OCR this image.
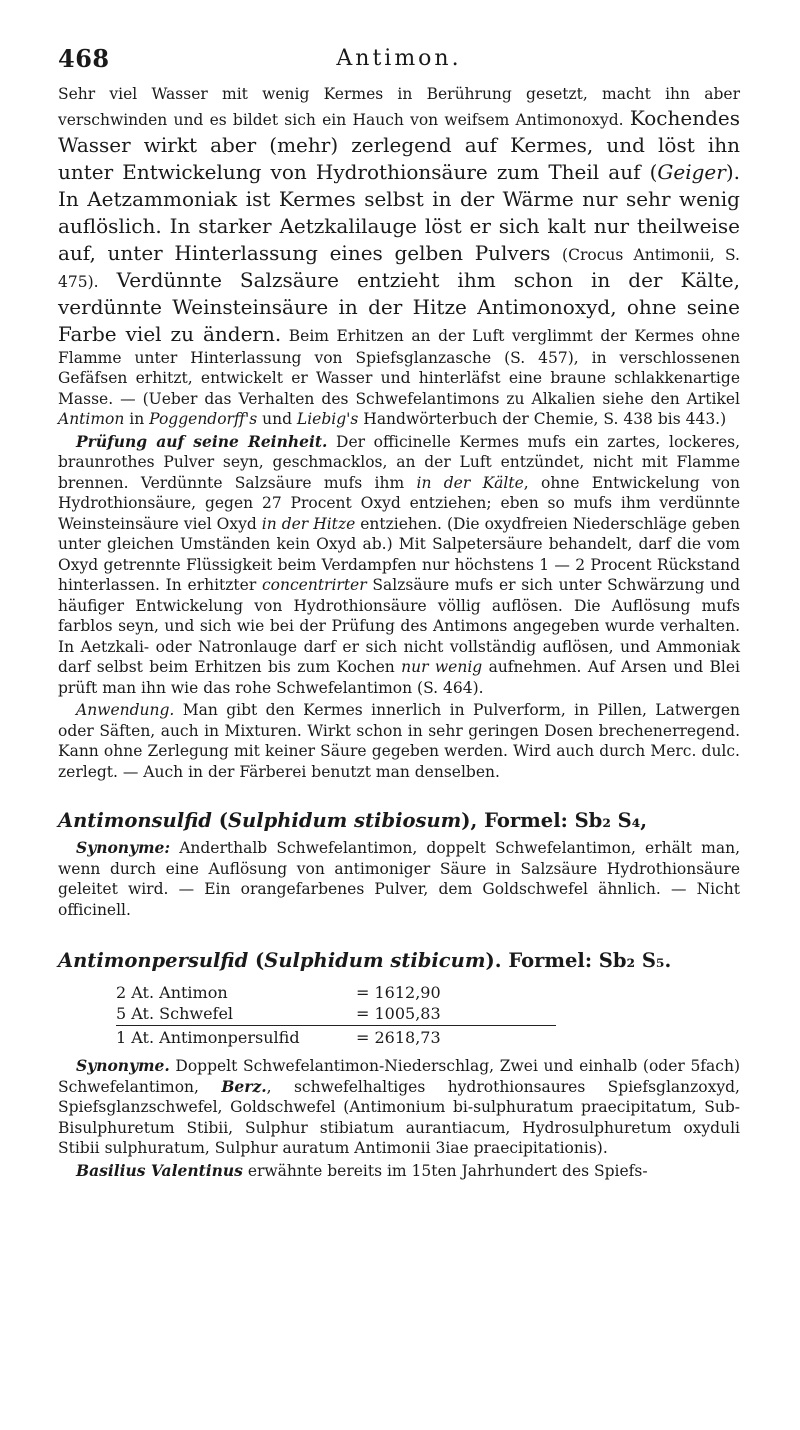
468	Antimon.

Sehr viel Wasser mit wenig Kermes in Berührung gesetzt, macht ihn aber verschwinden und es bildet sich ein Hauch von weifsem Antimonoxyd. Kochendes Wasser wirkt aber (mehr) zerlegend auf Kermes, und löst ihn unter Entwickelung von Hydrothionsäure zum Theil auf (Geiger). In Aetzammoniak ist Kermes selbst in der Wärme nur sehr wenig auflöslich. In starker Aetzkalilauge löst er sich kalt nur theilweise auf, unter Hinterlassung eines gelben Pulvers (Crocus Antimonii, S. 475). Verdünnte Salzsäure entzieht ihm schon in der Kälte, verdünnte Weinsteinsäure in der Hitze Antimonoxyd, ohne seine Farbe viel zu ändern. Beim Erhitzen an der Luft verglimmt der Kermes ohne Flamme unter Hinterlassung von Spiefsglanzasche (S. 457), in verschlossenen Gefäfsen erhitzt, entwickelt er Wasser und hinterläfst eine braune schlakkenartige Masse. — (Ueber das Verhalten des Schwefelantimons zu Alkalien siehe den Artikel Antimon in Poggendorff's und Liebig's Handwörterbuch der Chemie, S. 438 bis 443.)

Prüfung auf seine Reinheit. Der officinelle Kermes mufs ein zartes, lockeres, braunrothes Pulver seyn, geschmacklos, an der Luft entzündet, nicht mit Flamme brennen. Verdünnte Salzsäure mufs ihm in der Kälte, ohne Entwickelung von Hydrothionsäure, gegen 27 Procent Oxyd entziehen; eben so mufs ihm verdünnte Weinsteinsäure viel Oxyd in der Hitze entziehen. (Die oxydfreien Niederschläge geben unter gleichen Umständen kein Oxyd ab.) Mit Salpetersäure behandelt, darf die vom Oxyd getrennte Flüssigkeit beim Verdampfen nur höchstens 1 — 2 Procent Rückstand hinterlassen. In erhitzter concentrirter Salzsäure mufs er sich unter Schwärzung und häufiger Entwickelung von Hydrothionsäure völlig auflösen. Die Auflösung mufs farblos seyn, und sich wie bei der Prüfung des Antimons angegeben wurde verhalten. In Aetzkali- oder Natronlauge darf er sich nicht vollständig auflösen, und Ammoniak darf selbst beim Erhitzen bis zum Kochen nur wenig aufnehmen. Auf Arsen und Blei prüft man ihn wie das rohe Schwefelantimon (S. 464).

Anwendung. Man gibt den Kermes innerlich in Pulverform, in Pillen, Latwergen oder Säften, auch in Mixturen. Wirkt schon in sehr geringen Dosen brechenerregend. Kann ohne Zerlegung mit keiner Säure gegeben werden. Wird auch durch Merc. dulc. zerlegt. — Auch in der Färberei benutzt man denselben.

Antimonsulfid (Sulphidum stibiosum), Formel: Sb₂ S₄,

Synonyme: Anderthalb Schwefelantimon, doppelt Schwefelantimon, erhält man, wenn durch eine Auflösung von antimoniger Säure in Salzsäure Hydrothionsäure geleitet wird. — Ein orangefarbenes Pulver, dem Goldschwefel ähnlich. — Nicht officinell.

Antimonpersulfid (Sulphidum stibicum). Formel: Sb₂ S₅.

2 At. Antimon	= 1612,90
5 At. Schwefel	= 1005,83
1 At. Antimonpersulfid	= 2618,73

Synonyme. Doppelt Schwefelantimon-Niederschlag, Zwei und einhalb (oder 5fach) Schwefelantimon, Berz., schwefelhaltiges hydrothionsaures Spiefsglanzoxyd, Spiefsglanzschwefel, Goldschwefel (Antimonium bi-sulphuratum praecipitatum, Sub-Bisulphuretum Stibii, Sulphur stibiatum aurantiacum, Hydrosulphuretum oxyduli Stibii sulphuratum, Sulphur auratum Antimonii 3iae praecipitationis).

Basilius Valentinus erwähnte bereits im 15ten Jahrhundert des Spiefs-
